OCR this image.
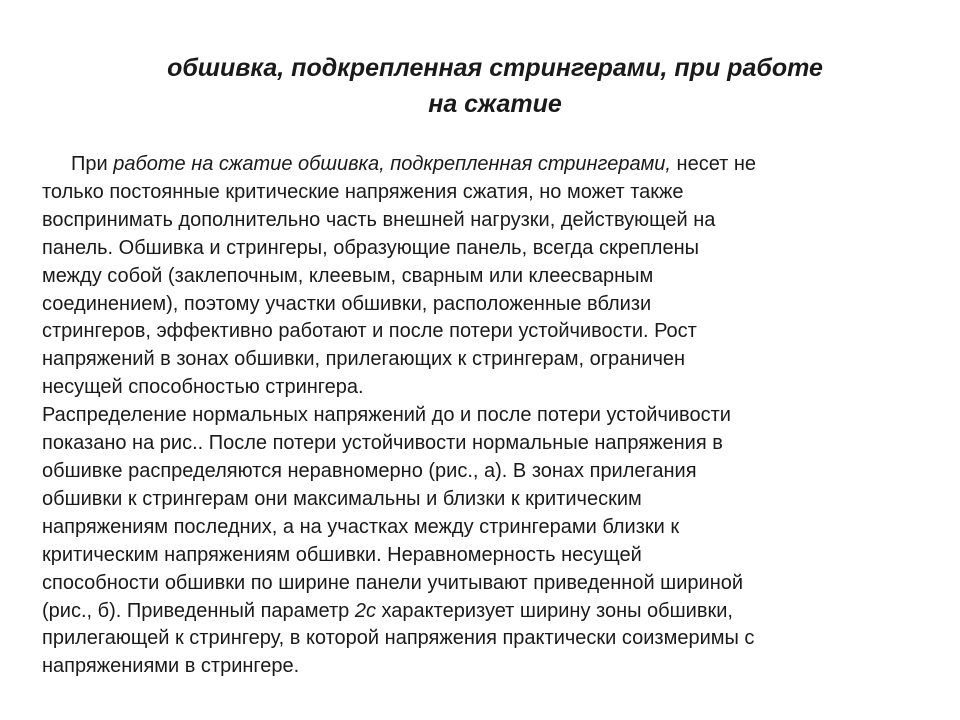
обшивка, подкрепленная стрингерами, при работе
на сжатие
При работе на сжатие обшивка, подкрепленная стрингерами, несет не
только постоянные критические напряжения сжатия, но может также
воспринимать дополнительно часть внешней нагрузки, действующей на
панель. Обшивка и стрингеры, образующие панель, всегда скреплены
между собой (заклепочным, клеевым, сварным или клеесварным
соединением), поэтому участки обшивки, расположенные вблизи
стрингеров, эффективно работают и после потери устойчивости. Рост
напряжений в зонах обшивки, прилегающих к стрингерам, ограничен
несущей способностью стрингера.
Распределение нормальных напряжений до и после потери устойчивости
показано на рис.. После потери устойчивости нормальные напряжения в
обшивке распределяются неравномерно (рис., а). В зонах прилегания
обшивки к стрингерам они максимальны и близки к критическим
напряжениям последних, а на участках между стрингерами близки к
критическим напряжениям обшивки. Неравномерность несущей
способности обшивки по ширине панели учитывают приведенной шириной
(рис., б). Приведенный параметр 2c характеризует ширину зоны обшивки,
прилегающей к стрингеру, в которой напряжения практически соизмеримы с
напряжениями в стрингере.
